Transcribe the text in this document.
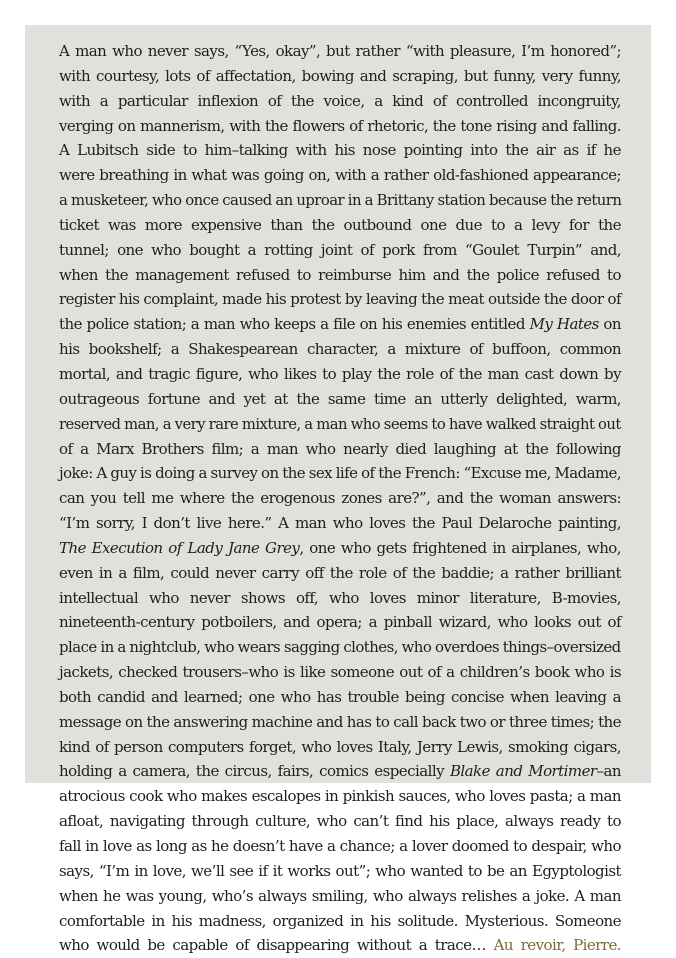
A man who never says, “Yes, okay”, but rather “with pleasure, I’m honored”;
with courtesy, lots of affectation, bowing and scraping, but funny, very funny,
with a particular inflexion of the voice, a kind of controlled incongruity,
verging on mannerism, with the flowers of rhetoric, the tone rising and falling.
A Lubitsch side to him–talking with his nose pointing into the air as if he
were breathing in what was going on, with a rather old-fashioned appearance;
a musketeer, who once caused an uproar in a Brittany station because the return
ticket was more expensive than the outbound one due to a levy for the
tunnel; one who bought a rotting joint of pork from “Goulet Turpin” and,
when the management refused to reimburse him and the police refused to
register his complaint, made his protest by leaving the meat outside the door of
the police station; a man who keeps a file on his enemies entitled My Hates on
his bookshelf; a Shakespearean character, a mixture of buffoon, common
mortal, and tragic figure, who likes to play the role of the man cast down by
outrageous fortune and yet at the same time an utterly delighted, warm,
reserved man, a very rare mixture, a man who seems to have walked straight out
of a Marx Brothers film; a man who nearly died laughing at the following
joke: A guy is doing a survey on the sex life of the French: “Excuse me, Madame,
can you tell me where the erogenous zones are?”, and the woman answers:
“I’m sorry, I don’t live here.” A man who loves the Paul Delaroche painting,
The Execution of Lady Jane Grey, one who gets frightened in airplanes, who,
even in a film, could never carry off the role of the baddie; a rather brilliant
intellectual who never shows off, who loves minor literature, B-movies,
nineteenth-century potboilers, and opera; a pinball wizard, who looks out of
place in a nightclub, who wears sagging clothes, who overdoes things–oversized
jackets, checked trousers–who is like someone out of a children’s book who is
both candid and learned; one who has trouble being concise when leaving a
message on the answering machine and has to call back two or three times; the
kind of person computers forget, who loves Italy, Jerry Lewis, smoking cigars,
holding a camera, the circus, fairs, comics especially Blake and Mortimer–an
atrocious cook who makes escalopes in pinkish sauces, who loves pasta; a man
afloat, navigating through culture, who can’t find his place, always ready to
fall in love as long as he doesn’t have a chance; a lover doomed to despair, who
says, “I’m in love, we’ll see if it works out”; who wanted to be an Egyptologist
when he was young, who’s always smiling, who always relishes a joke. A man
comfortable in his madness, organized in his solitude. Mysterious. Someone
who would be capable of disappearing without a trace… Au revoir, Pierre.
